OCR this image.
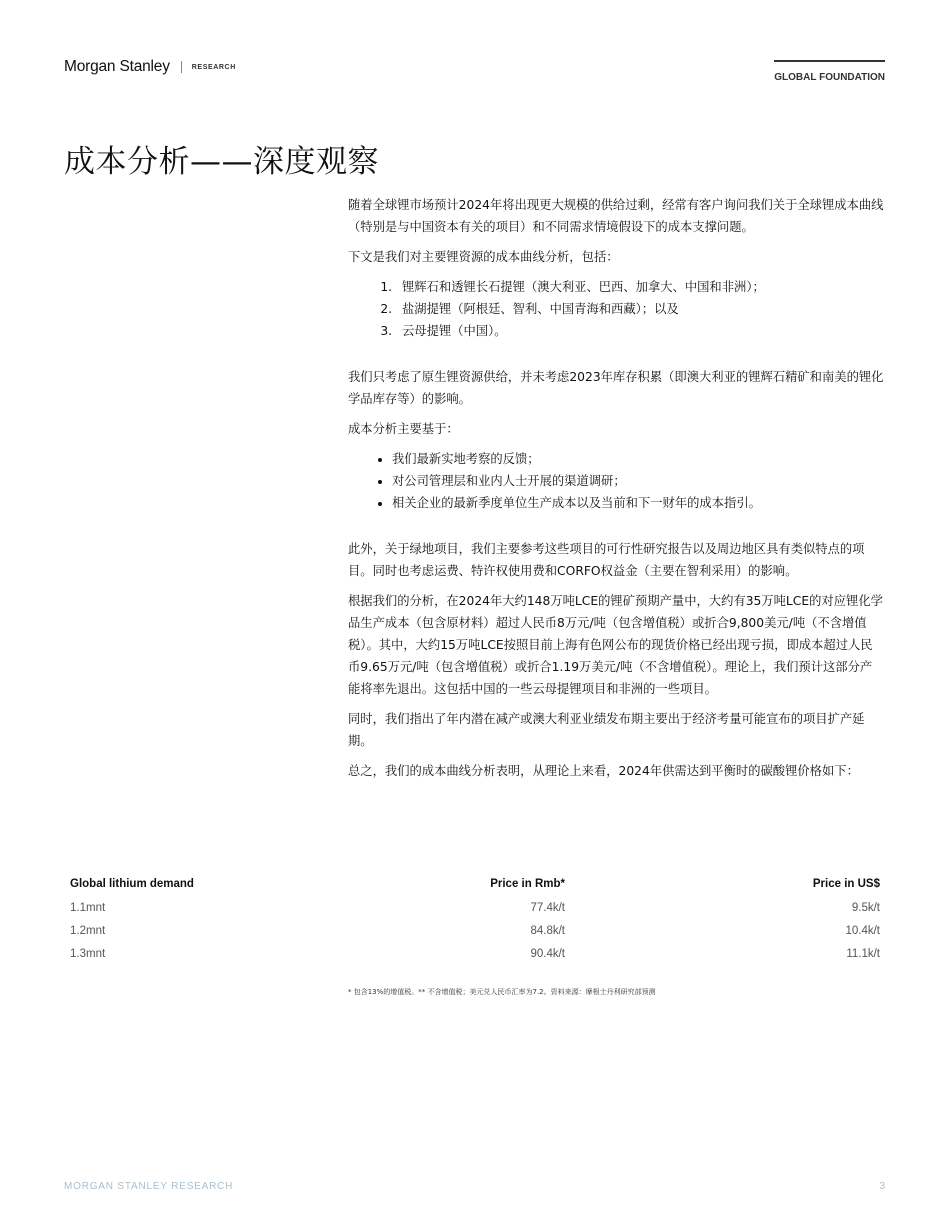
Morgan Stanley	RESEARCH
GLOBAL FOUNDATION
成本分析——深度观察

随着全球锂市场预计2024年将出现更大规模的供给过剩，经常有客户询问我们关于全球锂成本曲线（特别是与中国资本有关的项目）和不同需求情境假设下的成本支撑问题。

下文是我们对主要锂资源的成本曲线分析，包括：

1. 锂辉石和透锂长石提锂（澳大利亚、巴西、加拿大、中国和非洲）；
2. 盐湖提锂（阿根廷、智利、中国青海和西藏）；以及
3. 云母提锂（中国）。

我们只考虑了原生锂资源供给，并未考虑2023年库存积累（即澳大利亚的锂辉石精矿和南美的锂化学品库存等）的影响。

成本分析主要基于：

• 我们最新实地考察的反馈；
• 对公司管理层和业内人士开展的渠道调研；
• 相关企业的最新季度单位生产成本以及当前和下一财年的成本指引。

此外，关于绿地项目，我们主要参考这些项目的可行性研究报告以及周边地区具有类似特点的项目。同时也考虑运费、特许权使用费和CORFO权益金（主要在智利采用）的影响。

根据我们的分析，在2024年大约148万吨LCE的锂矿预期产量中，大约有35万吨LCE的对应锂化学品生产成本（包含原材料）超过人民币8万元/吨（包含增值税）或折合9,800美元/吨（不含增值税）。其中，大约15万吨LCE按照目前上海有色网公布的现货价格已经出现亏损，即成本超过人民币9.65万元/吨（包含增值税）或折合1.19万美元/吨（不含增值税）。理论上，我们预计这部分产能将率先退出。这包括中国的一些云母提锂项目和非洲的一些项目。

同时，我们指出了年内潜在减产或澳大利亚业绩发布期主要出于经济考量可能宣布的项目扩产延期。

总之，我们的成本曲线分析表明，从理论上来看，2024年供需达到平衡时的碳酸锂价格如下：

Global lithium demand	Price in Rmb*	Price in US$
1.1mnt	77.4k/t	9.5k/t
1.2mnt	84.8k/t	10.4k/t
1.3mnt	90.4k/t	11.1k/t
* 包含13%的增值税。** 不含增值税；美元兑人民币汇率为7.2。资料来源：摩根士丹利研究部预测
MORGAN STANLEY RESEARCH	3
